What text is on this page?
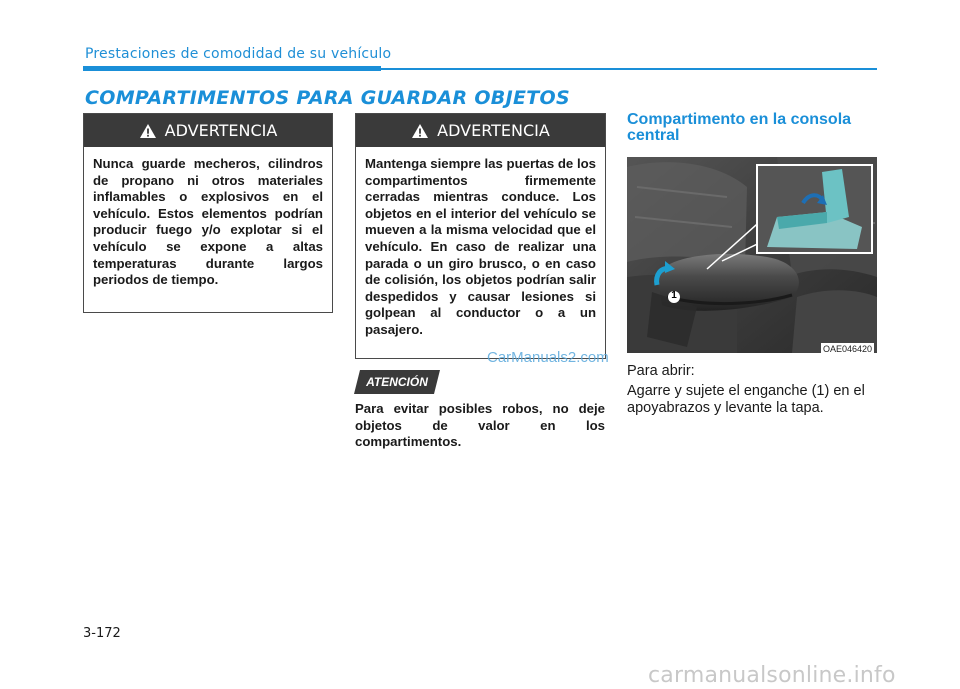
Prestaciones de comodidad de su vehículo
COMPARTIMENTOS PARA GUARDAR OBJETOS
ADVERTENCIA
Nunca guarde mecheros, cilindros de propano ni otros materiales inflamables o explosivos en el vehículo. Estos elementos podrían producir fuego y/o explotar si el vehículo se expone a altas temperaturas durante largos periodos de tiempo.
ADVERTENCIA
Mantenga siempre las puertas de los compartimentos firmemente cerradas mientras conduce. Los objetos en el interior del vehículo se mueven a la misma velocidad que el vehículo. En caso de realizar una parada o un giro brusco, o en caso de colisión, los objetos podrían salir despedidos y causar lesiones si golpean al conductor o a un pasajero.
CarManuals2.com
ATENCIÓN
Para evitar posibles robos, no deje objetos de valor en los compartimentos.
Compartimento en la consola central
1
OAE046420
Para abrir:
Agarre y sujete el enganche (1) en el apoyabrazos y levante la tapa.
3-172
carmanualsonline.info
